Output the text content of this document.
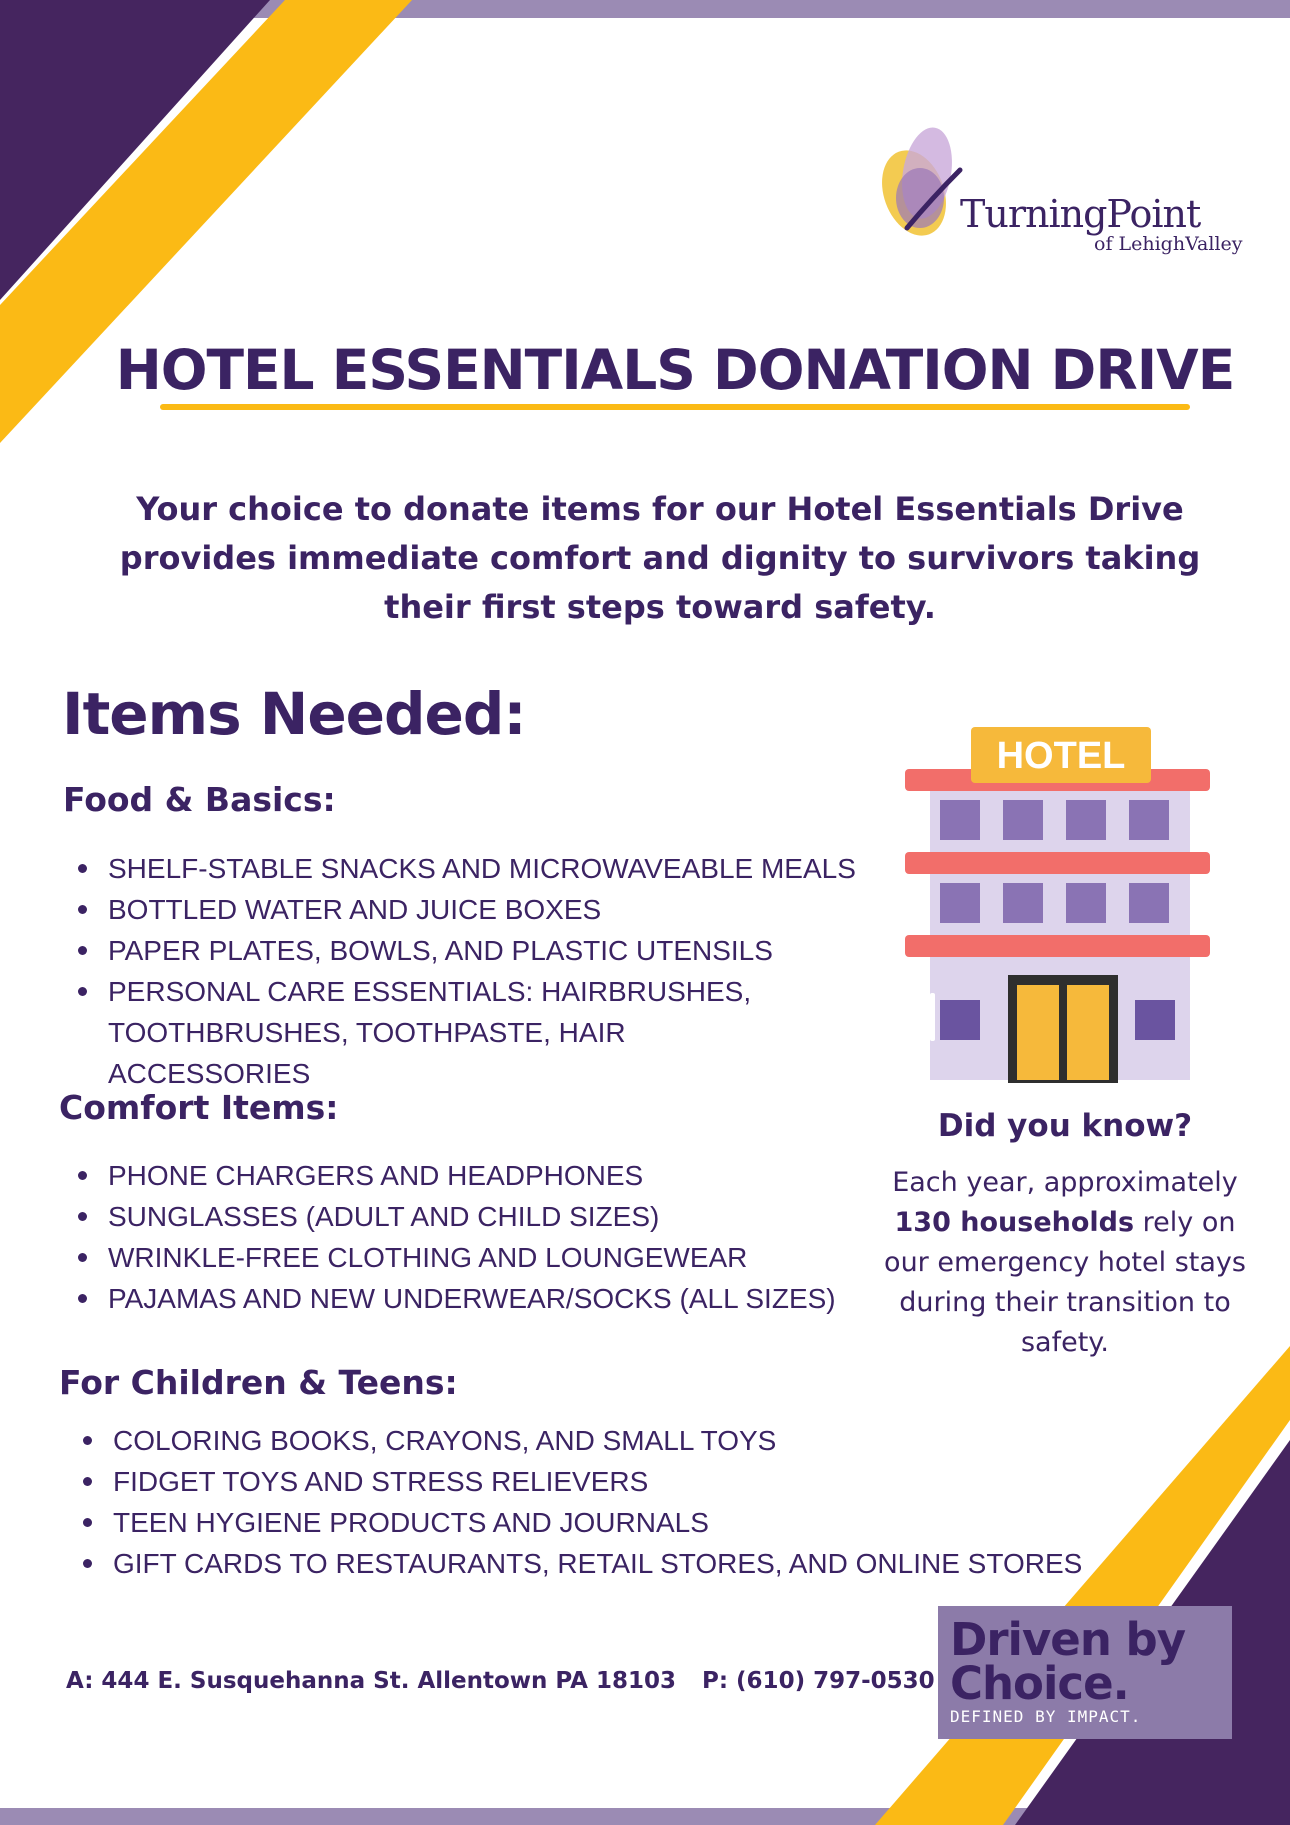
TurningPoint
of LehighValley
HOTEL ESSENTIALS DONATION DRIVE
Your choice to donate items for our Hotel Essentials Drive provides immediate comfort and dignity to survivors taking their first steps toward safety.
Items Needed:
Food & Basics:
SHELF-STABLE SNACKS AND MICROWAVEABLE MEALS
BOTTLED WATER AND JUICE BOXES
PAPER PLATES, BOWLS, AND PLASTIC UTENSILS
PERSONAL CARE ESSENTIALS: HAIRBRUSHES, TOOTHBRUSHES, TOOTHPASTE, HAIR ACCESSORIES
Comfort Items:
PHONE CHARGERS AND HEADPHONES
SUNGLASSES (ADULT AND CHILD SIZES)
WRINKLE-FREE CLOTHING AND LOUNGEWEAR
PAJAMAS AND NEW UNDERWEAR/SOCKS (ALL SIZES)
For Children & Teens:
COLORING BOOKS, CRAYONS, AND SMALL TOYS
FIDGET TOYS AND STRESS RELIEVERS
TEEN HYGIENE PRODUCTS AND JOURNALS
GIFT CARDS TO RESTAURANTS, RETAIL STORES, AND ONLINE STORES
HOTEL
Did you know?
Each year, approximately 130 households rely on our emergency hotel stays during their transition to safety.
A: 444 E. Susquehanna St. Allentown PA 18103 P: (610) 797-0530
Driven by
Choice.
DEFINED BY IMPACT.
